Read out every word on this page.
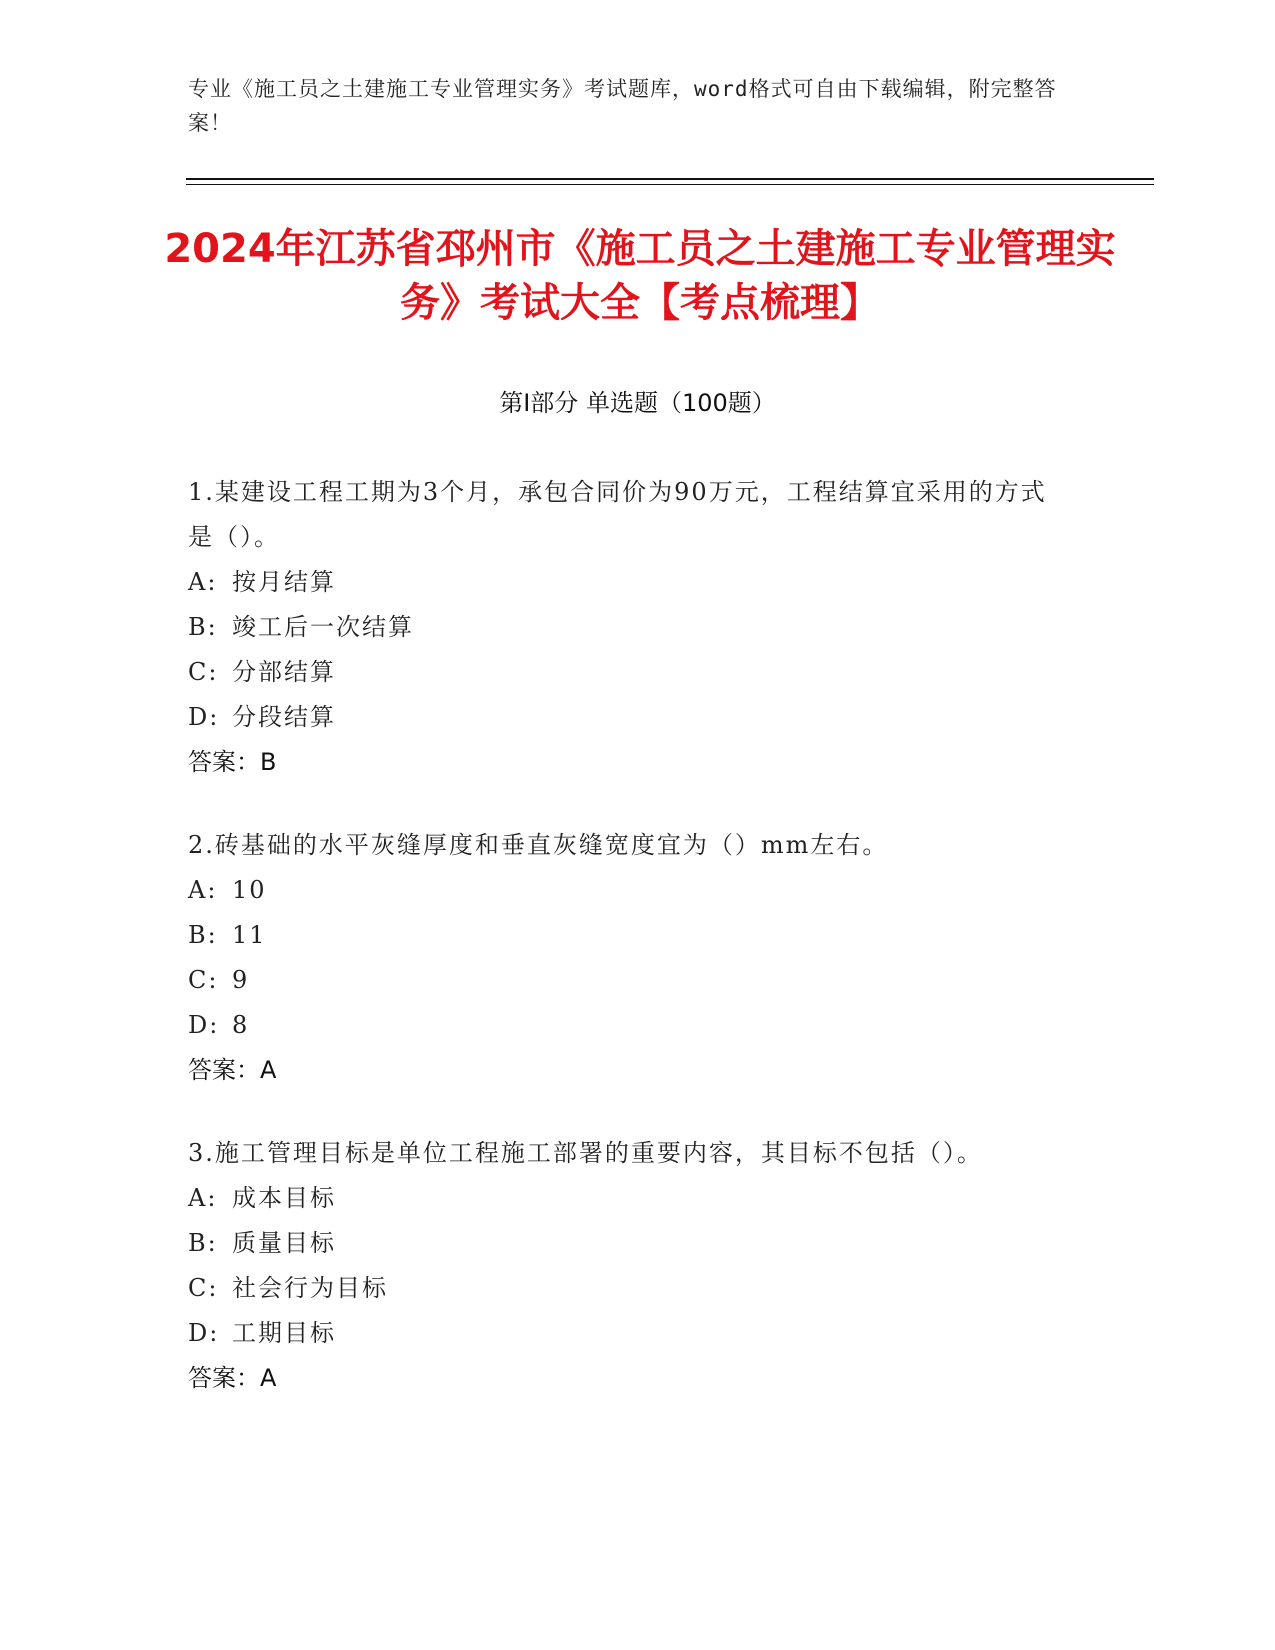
专业《施工员之土建施工专业管理实务》考试题库，word格式可自由下载编辑，附完整答案！
2024年江苏省邳州市《施工员之土建施工专业管理实务》考试大全【考点梳理】
第I部分 单选题（100题）
1.某建设工程工期为3个月，承包合同价为90万元，工程结算宜采用的方式是（）。
A: 按月结算
B: 竣工后一次结算
C: 分部结算
D: 分段结算
答案：B
2.砖基础的水平灰缝厚度和垂直灰缝宽度宜为（）mm左右。
A: 10
B: 11
C: 9
D: 8
答案：A
3.施工管理目标是单位工程施工部署的重要内容，其目标不包括（）。
A: 成本目标
B: 质量目标
C: 社会行为目标
D: 工期目标
答案：A
